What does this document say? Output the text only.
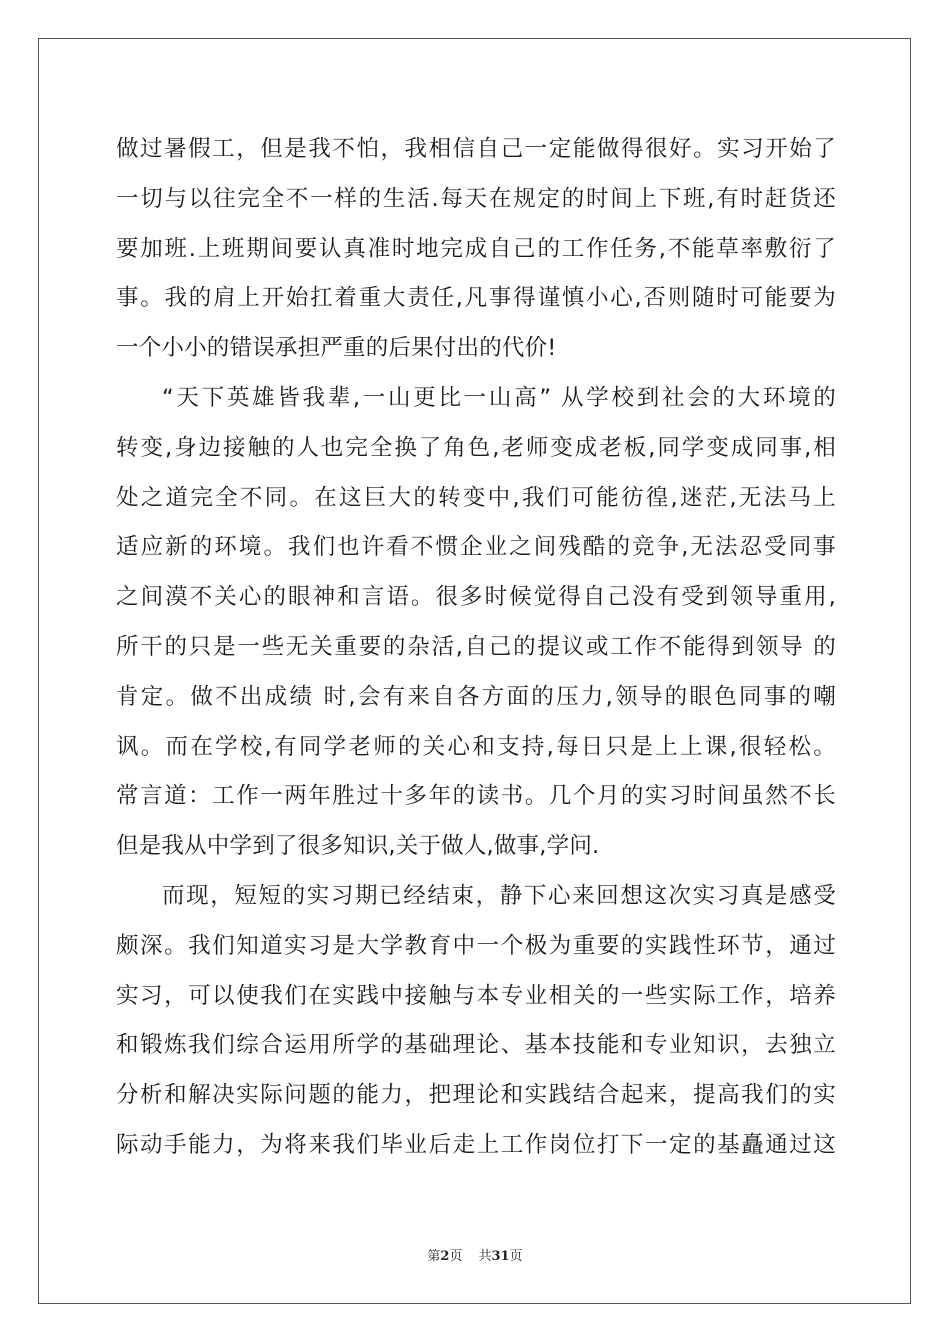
做过暑假工，但是我不怕，我相信自己一定能做得很好。实习开始了
一切与以往完全不一样的生活.每天在规定的时间上下班,有时赶货还
要加班.上班期间要认真准时地完成自己的工作任务,不能草率敷衍了
事。我的肩上开始扛着重大责任,凡事得谨慎小心,否则随时可能要为
一个小小的错误承担严重的后果付出的代价!
“天下英雄皆我辈,一山更比一山高” 从学校到社会的大环境的
转变,身边接触的人也完全换了角色,老师变成老板,同学变成同事,相
处之道完全不同。在这巨大的转变中,我们可能彷徨,迷茫,无法马上
适应新的环境。我们也许看不惯企业之间残酷的竞争,无法忍受同事
之间漠不关心的眼神和言语。很多时候觉得自己没有受到领导重用,
所干的只是一些无关重要的杂活,自己的提议或工作不能得到领导 的
肯定。做不出成绩 时,会有来自各方面的压力,领导的眼色同事的嘲
讽。而在学校,有同学老师的关心和支持,每日只是上上课,很轻松。
常言道：工作一两年胜过十多年的读书。几个月的实习时间虽然不长
但是我从中学到了很多知识,关于做人,做事,学问.
而现，短短的实习期已经结束，静下心来回想这次实习真是感受
颇深。我们知道实习是大学教育中一个极为重要的实践性环节，通过
实习，可以使我们在实践中接触与本专业相关的一些实际工作，培养
和锻炼我们综合运用所学的基础理论、基本技能和专业知识，去独立
分析和解决实际问题的能力，把理论和实践结合起来，提高我们的实
际动手能力，为将来我们毕业后走上工作岗位打下一定的基矗通过这
第2页 共31页
